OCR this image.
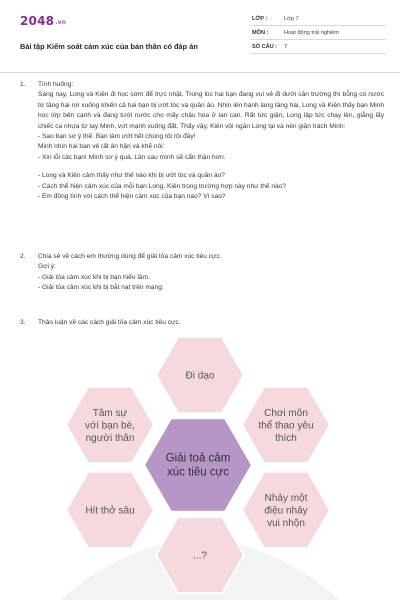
2048.vn
Bài tập Kiểm soát cảm xúc của bản thân có đáp án
LỚP :	Lớp 7
MÔN :	Hoạt động trải nghiệm
SỐ CÂU :	7
1. Tình huống:
Sáng nay, Long và Kiên đi học sớm để trực nhật. Trong lúc hai bạn đang vui vẻ đi dưới sân trường thì bỗng có nước từ tầng hai rơi xuống khiến cả hai bạn bị ướt tóc và quần áo. Nhìn lên hành lang tầng hai, Long và Kiên thấy bạn Minh học lớp bên cạnh và đang tưới nước cho mấy chậu hoa ở lan can. Rất tức giận, Long lập tức chạy lên, giằng lấy chiếc ca nhựa từ tay Minh, vứt mạnh xuống đất. Thấy vậy, Kiên vội ngăn Long lại và nén giận trách Minh:
- Sao bạn sơ ý thế. Bạn làm ướt hết chúng tôi rồi đây!
Minh nhìn hai bạn vẻ rất ân hận và khẽ nói:
- Xin lỗi các bạn! Mình sơ ý quá. Lần sau mình sẽ cẩn thận hơn.
- Long và Kiên cảm thấy như thế nào khi bị ướt tóc và quần áo?
- Cách thể hiện cảm xúc của mỗi bạn Long, Kiên trong trường hợp này như thế nào?
- Em đồng tình với cách thể hiện cảm xúc của bạn nào? Vì sao?
2. Chia sẻ về cách em thường dùng để giải tỏa cảm xúc tiêu cực.
Gợi ý:
- Giải tỏa cảm xúc khi bị bạn hiểu lầm.
- Giải tỏa cảm xúc khi bị bắt nạt trên mạng.
3. Thảo luận về các cách giải tỏa cảm xúc tiêu cực.
Đi dạo
Tâm sự với bạn bè, người thân
Chơi môn thể thao yêu thích
Hít thở sâu
Nhảy một điệu nhảy vui nhộn
...?
Giải toả cảm xúc tiêu cực
